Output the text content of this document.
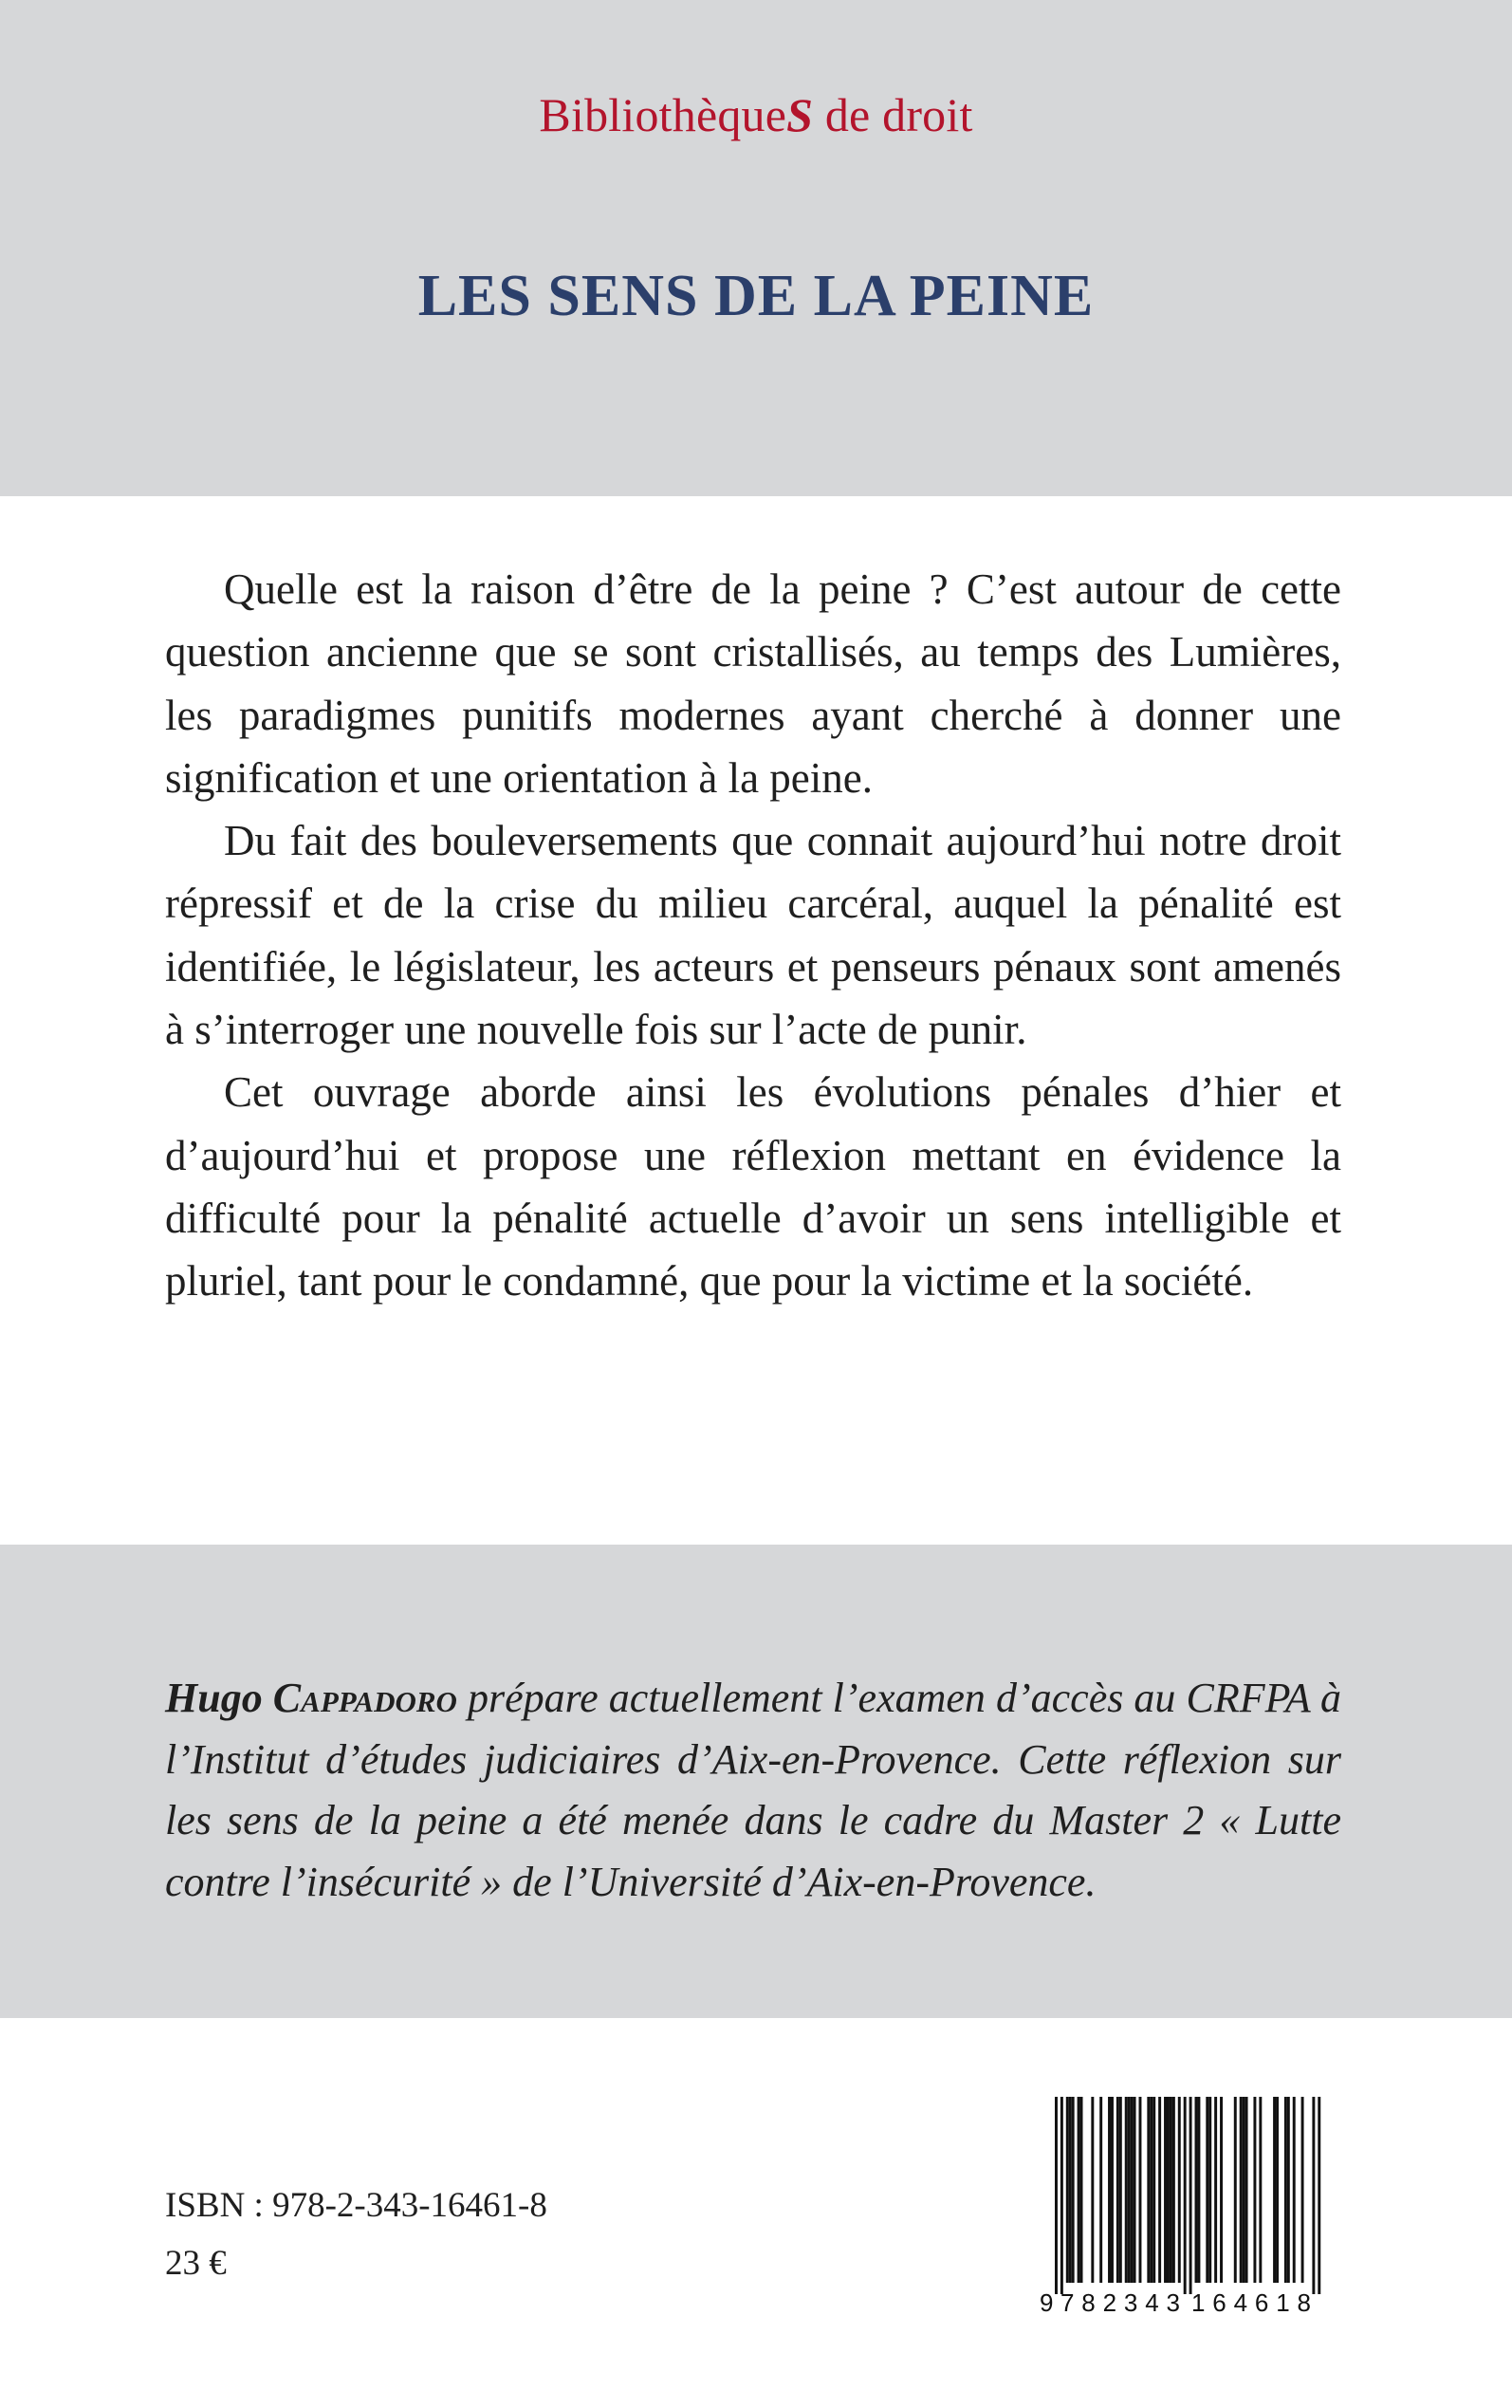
BibliothèqueS de droit
LES SENS DE LA PEINE

Quelle est la raison d’être de la peine ? C’est autour de cette question ancienne que se sont cristallisés, au temps des Lumières, les paradigmes punitifs modernes ayant cherché à donner une signification et une orientation à la peine.

Du fait des bouleversements que connait aujourd’hui notre droit répressif et de la crise du milieu carcéral, auquel la pénalité est identifiée, le législateur, les acteurs et penseurs pénaux sont amenés à s’interroger une nouvelle fois sur l’acte de punir.

Cet ouvrage aborde ainsi les évolutions pénales d’hier et d’aujourd’hui et propose une réflexion mettant en évidence la difficulté pour la pénalité actuelle d’avoir un sens intelligible et pluriel, tant pour le condamné, que pour la victime et la société.

Hugo Cappadoro prépare actuellement l’examen d’accès au CRFPA à l’Institut d’études judiciaires d’Aix-en-Provence. Cette réflexion sur les sens de la peine a été menée dans le cadre du Master 2 « Lutte contre l’insécurité » de l’Université d’Aix-en-Provence.
ISBN : 978-2-343-16461-8
23 €
9 782343 164618
